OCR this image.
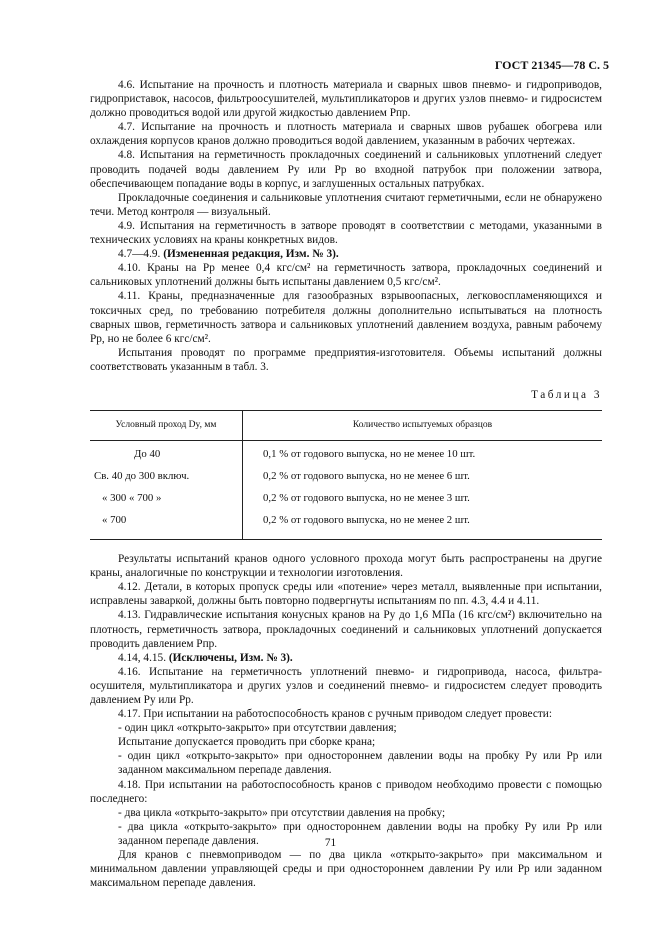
ГОСТ 21345—78 С. 5

4.6. Испытание на прочность и плотность материала и сварных швов пневмо- и гидроприводов, гидроприставок, насосов, фильтроосушителей, мультипликаторов и других узлов пневмо- и гидросистем должно проводиться водой или другой жидкостью давлением Pпр.

4.7. Испытание на прочность и плотность материала и сварных швов рубашек обогрева или охлаждения корпусов кранов должно проводиться водой давлением, указанным в рабочих чертежах.

4.8. Испытания на герметичность прокладочных соединений и сальниковых уплотнений следует проводить подачей воды давлением Py или Pp во входной патрубок при положении затвора, обеспечивающем попадание воды в корпус, и заглушенных остальных патрубках.

Прокладочные соединения и сальниковые уплотнения считают герметичными, если не обнаружено течи. Метод контроля — визуальный.

4.9. Испытания на герметичность в затворе проводят в соответствии с методами, указанными в технических условиях на краны конкретных видов.

4.7—4.9. (Измененная редакция, Изм. № 3).

4.10. Краны на Pp менее 0,4 кгс/см² на герметичность затвора, прокладочных соединений и сальниковых уплотнений должны быть испытаны давлением 0,5 кгс/см².

4.11. Краны, предназначенные для газообразных взрывоопасных, легковоспламеняющихся и токсичных сред, по требованию потребителя должны дополнительно испытываться на плотность сварных швов, герметичность затвора и сальниковых уплотнений давлением воздуха, равным рабочему Pp, но не более 6 кгс/см².

Испытания проводят по программе предприятия-изготовителя. Объемы испытаний должны соответствовать указанным в табл. 3.

Таблица 3
Условный проход Dy, мм	Количество испытуемых образцов
До 40	0,1 % от годового выпуска, но не менее 10 шт.
Св. 40 до 300 включ.	0,2 % от годового выпуска, но не менее 6 шт.
« 300 « 700 »	0,2 % от годового выпуска, но не менее 3 шт.
« 700	0,2 % от годового выпуска, но не менее 2 шт.

Результаты испытаний кранов одного условного прохода могут быть распространены на другие краны, аналогичные по конструкции и технологии изготовления.

4.12. Детали, в которых пропуск среды или «потение» через металл, выявленные при испытании, исправлены заваркой, должны быть повторно подвергнуты испытаниям по пп. 4.3, 4.4 и 4.11.

4.13. Гидравлические испытания конусных кранов на Py до 1,6 МПа (16 кгс/см²) включительно на плотность, герметичность затвора, прокладочных соединений и сальниковых уплотнений допускается проводить давлением Pпр.

4.14, 4.15. (Исключены, Изм. № 3).

4.16. Испытание на герметичность уплотнений пневмо- и гидропривода, насоса, фильтра-осушителя, мультипликатора и других узлов и соединений пневмо- и гидросистем следует проводить давлением Py или Pp.

4.17. При испытании на работоспособность кранов с ручным приводом следует провести:

- один цикл «открыто-закрыто» при отсутствии давления;

Испытание допускается проводить при сборке крана;

- один цикл «открыто-закрыто» при одностороннем давлении воды на пробку Py или Pp или заданном максимальном перепаде давления.

4.18. При испытании на работоспособность кранов с приводом необходимо провести с помощью последнего:

- два цикла «открыто-закрыто» при отсутствии давления на пробку;

- два цикла «открыто-закрыто» при одностороннем давлении воды на пробку Py или Pp или заданном перепаде давления.

Для кранов с пневмоприводом — по два цикла «открыто-закрыто» при максимальном и минимальном давлении управляющей среды и при одностороннем давлении Py или Pp или заданном максимальном перепаде давления.

71
